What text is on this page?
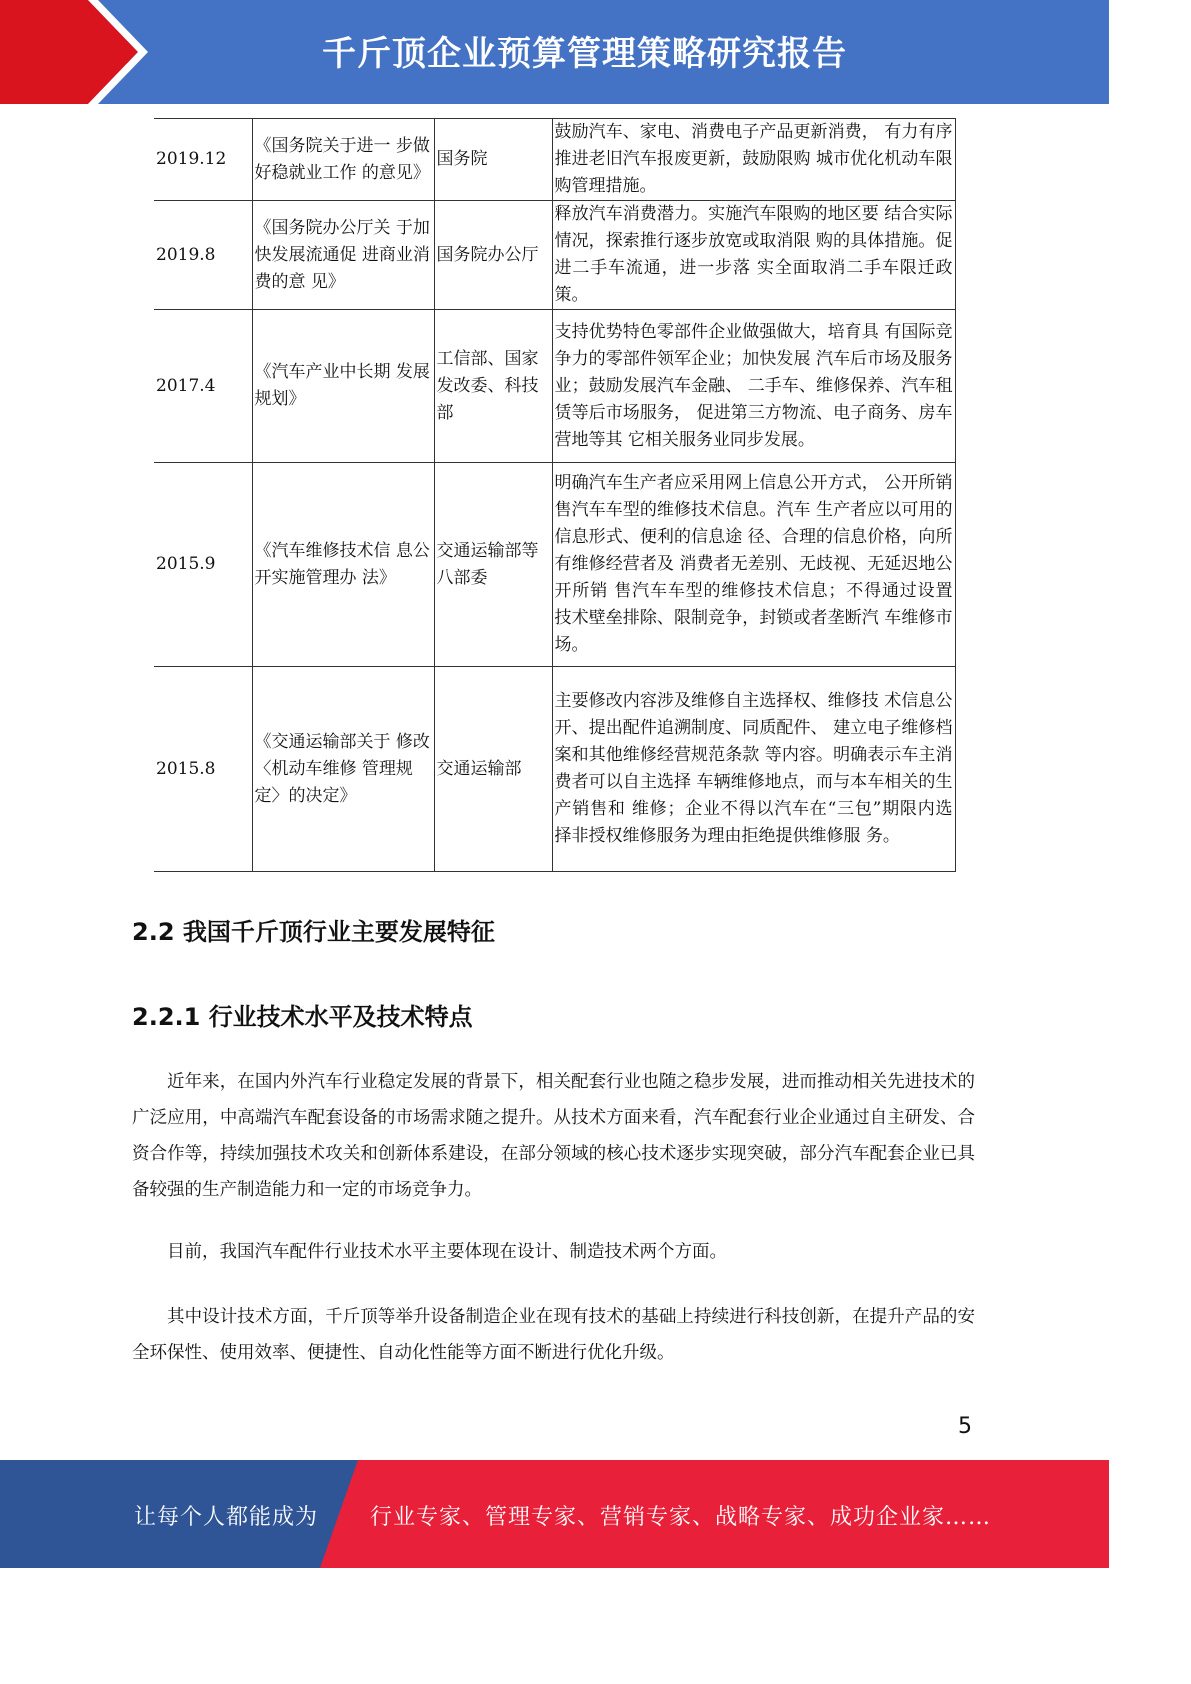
千斤顶企业预算管理策略研究报告
2019.12	《国务院关于进一 步做好稳就业工作 的意见》	国务院	鼓励汽车、家电、消费电子产品更新消费， 有力有序推进老旧汽车报废更新，鼓励限购 城市优化机动车限购管理措施。
2019.8	《国务院办公厅关 于加快发展流通促 进商业消费的意 见》	国务院办公厅	释放汽车消费潜力。实施汽车限购的地区要 结合实际情况，探索推行逐步放宽或取消限 购的具体措施。促进二手车流通，进一步落 实全面取消二手车限迁政策。
2017.4	《汽车产业中长期 发展规划》	工信部、国家发改委、科技部	支持优势特色零部件企业做强做大，培育具 有国际竞争力的零部件领军企业；加快发展 汽车后市场及服务业；鼓励发展汽车金融、 二手车、维修保养、汽车租赁等后市场服务， 促进第三方物流、电子商务、房车营地等其 它相关服务业同步发展。
2015.9	《汽车维修技术信 息公开实施管理办 法》	交通运输部等八部委	明确汽车生产者应采用网上信息公开方式， 公开所销售汽车车型的维修技术信息。汽车 生产者应以可用的信息形式、便利的信息途 径、合理的信息价格，向所有维修经营者及 消费者无差别、无歧视、无延迟地公开所销 售汽车车型的维修技术信息；不得通过设置 技术壁垒排除、限制竞争，封锁或者垄断汽 车维修市场。
2015.8	《交通运输部关于 修改〈机动车维修 管理规定〉的决定》	交通运输部	主要修改内容涉及维修自主选择权、维修技 术信息公开、提出配件追溯制度、同质配件、 建立电子维修档案和其他维修经营规范条款 等内容。明确表示车主消费者可以自主选择 车辆维修地点，而与本车相关的生产销售和 维修；企业不得以汽车在“三包”期限内选 择非授权维修服务为理由拒绝提供维修服 务。
2.2 我国千斤顶行业主要发展特征
2.2.1 行业技术水平及技术特点
近年来，在国内外汽车行业稳定发展的背景下，相关配套行业也随之稳步发展，进而推动相关先进技术的广泛应用，中高端汽车配套设备的市场需求随之提升。从技术方面来看，汽车配套行业企业通过自主研发、合资合作等，持续加强技术攻关和创新体系建设，在部分领域的核心技术逐步实现突破，部分汽车配套企业已具备较强的生产制造能力和一定的市场竞争力。
目前，我国汽车配件行业技术水平主要体现在设计、制造技术两个方面。
其中设计技术方面，千斤顶等举升设备制造企业在现有技术的基础上持续进行科技创新，在提升产品的安全环保性、使用效率、便捷性、自动化性能等方面不断进行优化升级。
5
让每个人都能成为 行业专家、管理专家、营销专家、战略专家、成功企业家……
